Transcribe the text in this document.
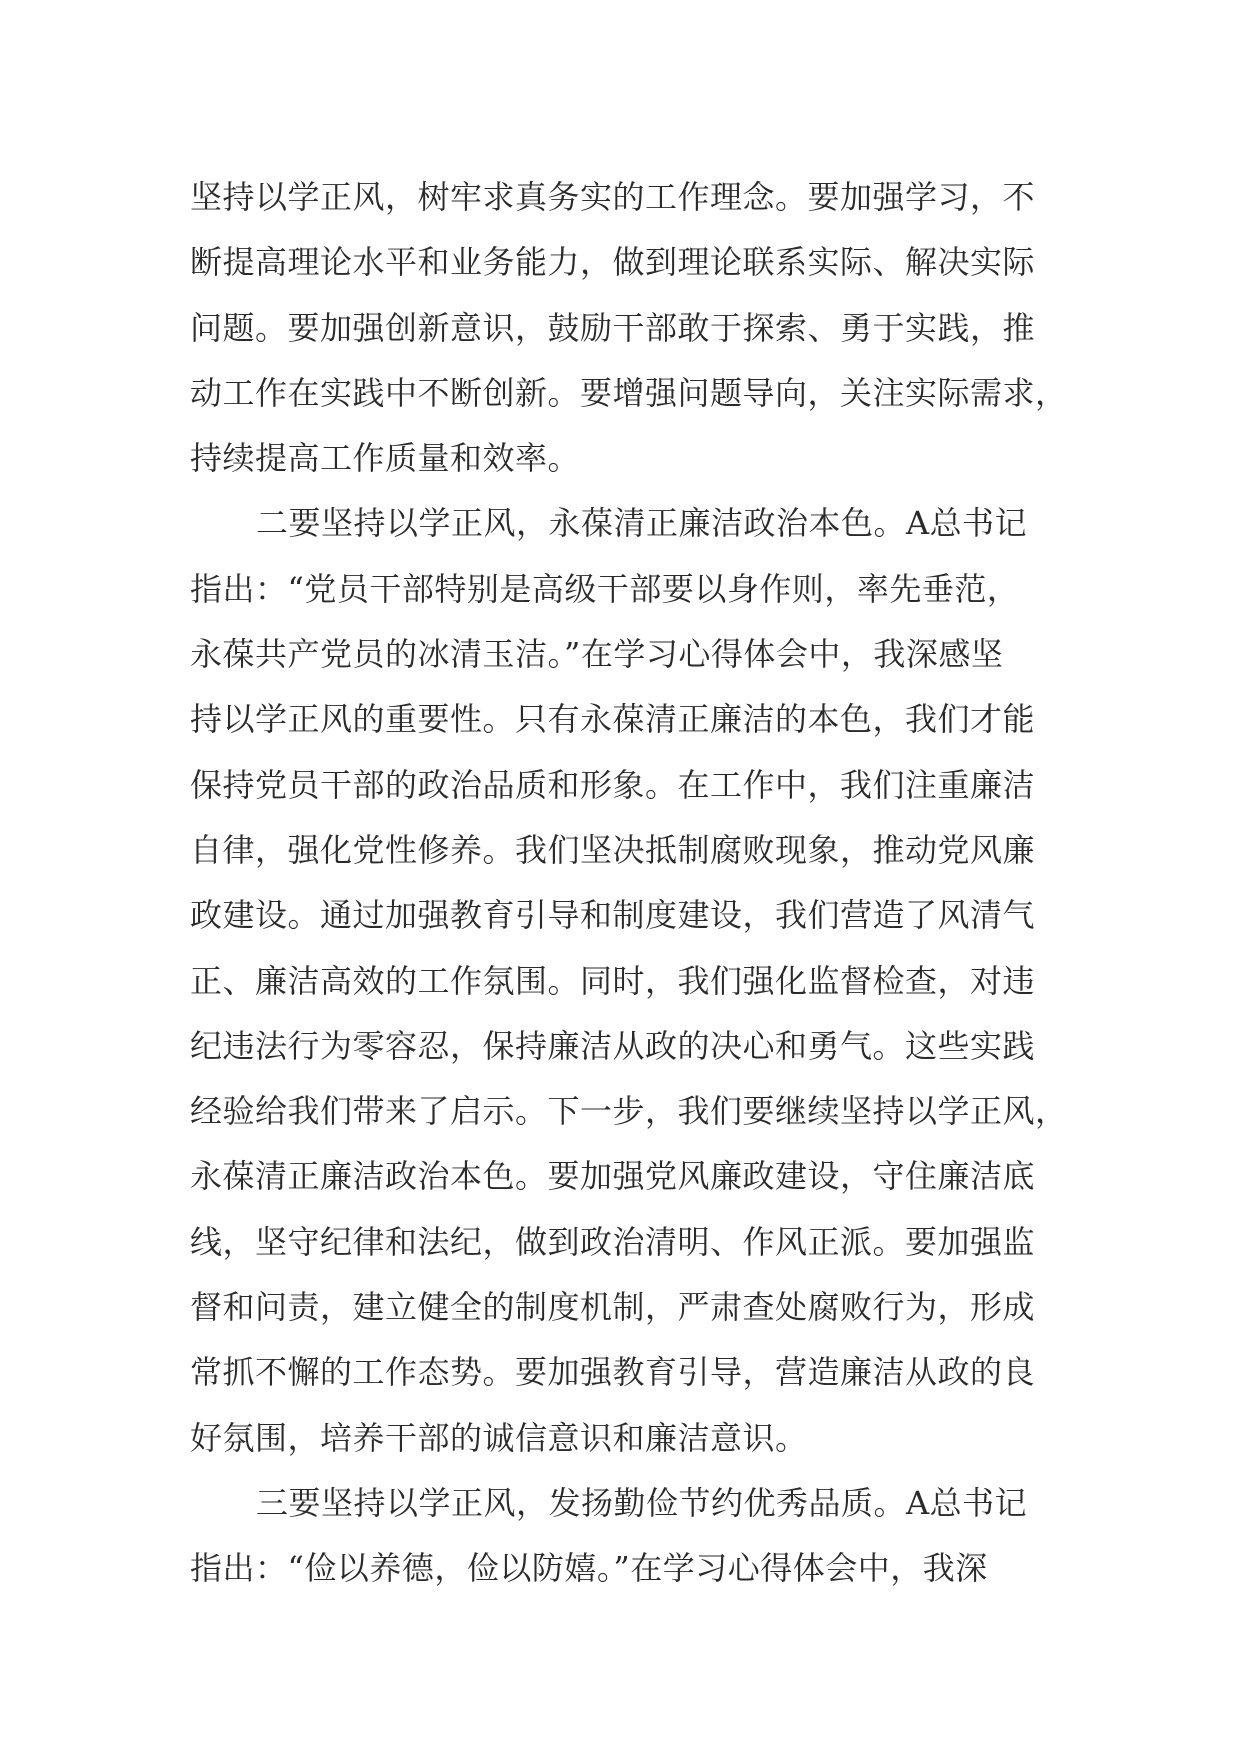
坚持以学正风，树牢求真务实的工作理念。要加强学习，不
断提高理论水平和业务能力，做到理论联系实际、解决实际
问题。要加强创新意识，鼓励干部敢于探索、勇于实践，推
动工作在实践中不断创新。要增强问题导向，关注实际需求，
持续提高工作质量和效率。
二要坚持以学正风，永葆清正廉洁政治本色。A总书记
指出：“党员干部特别是高级干部要以身作则，率先垂范，
永葆共产党员的冰清玉洁。”在学习心得体会中，我深感坚
持以学正风的重要性。只有永葆清正廉洁的本色，我们才能
保持党员干部的政治品质和形象。在工作中，我们注重廉洁
自律，强化党性修养。我们坚决抵制腐败现象，推动党风廉
政建设。通过加强教育引导和制度建设，我们营造了风清气
正、廉洁高效的工作氛围。同时，我们强化监督检查，对违
纪违法行为零容忍，保持廉洁从政的决心和勇气。这些实践
经验给我们带来了启示。下一步，我们要继续坚持以学正风，
永葆清正廉洁政治本色。要加强党风廉政建设，守住廉洁底
线，坚守纪律和法纪，做到政治清明、作风正派。要加强监
督和问责，建立健全的制度机制，严肃查处腐败行为，形成
常抓不懈的工作态势。要加强教育引导，营造廉洁从政的良
好氛围，培养干部的诚信意识和廉洁意识。
三要坚持以学正风，发扬勤俭节约优秀品质。A总书记
指出：“俭以养德，俭以防嬉。”在学习心得体会中，我深
